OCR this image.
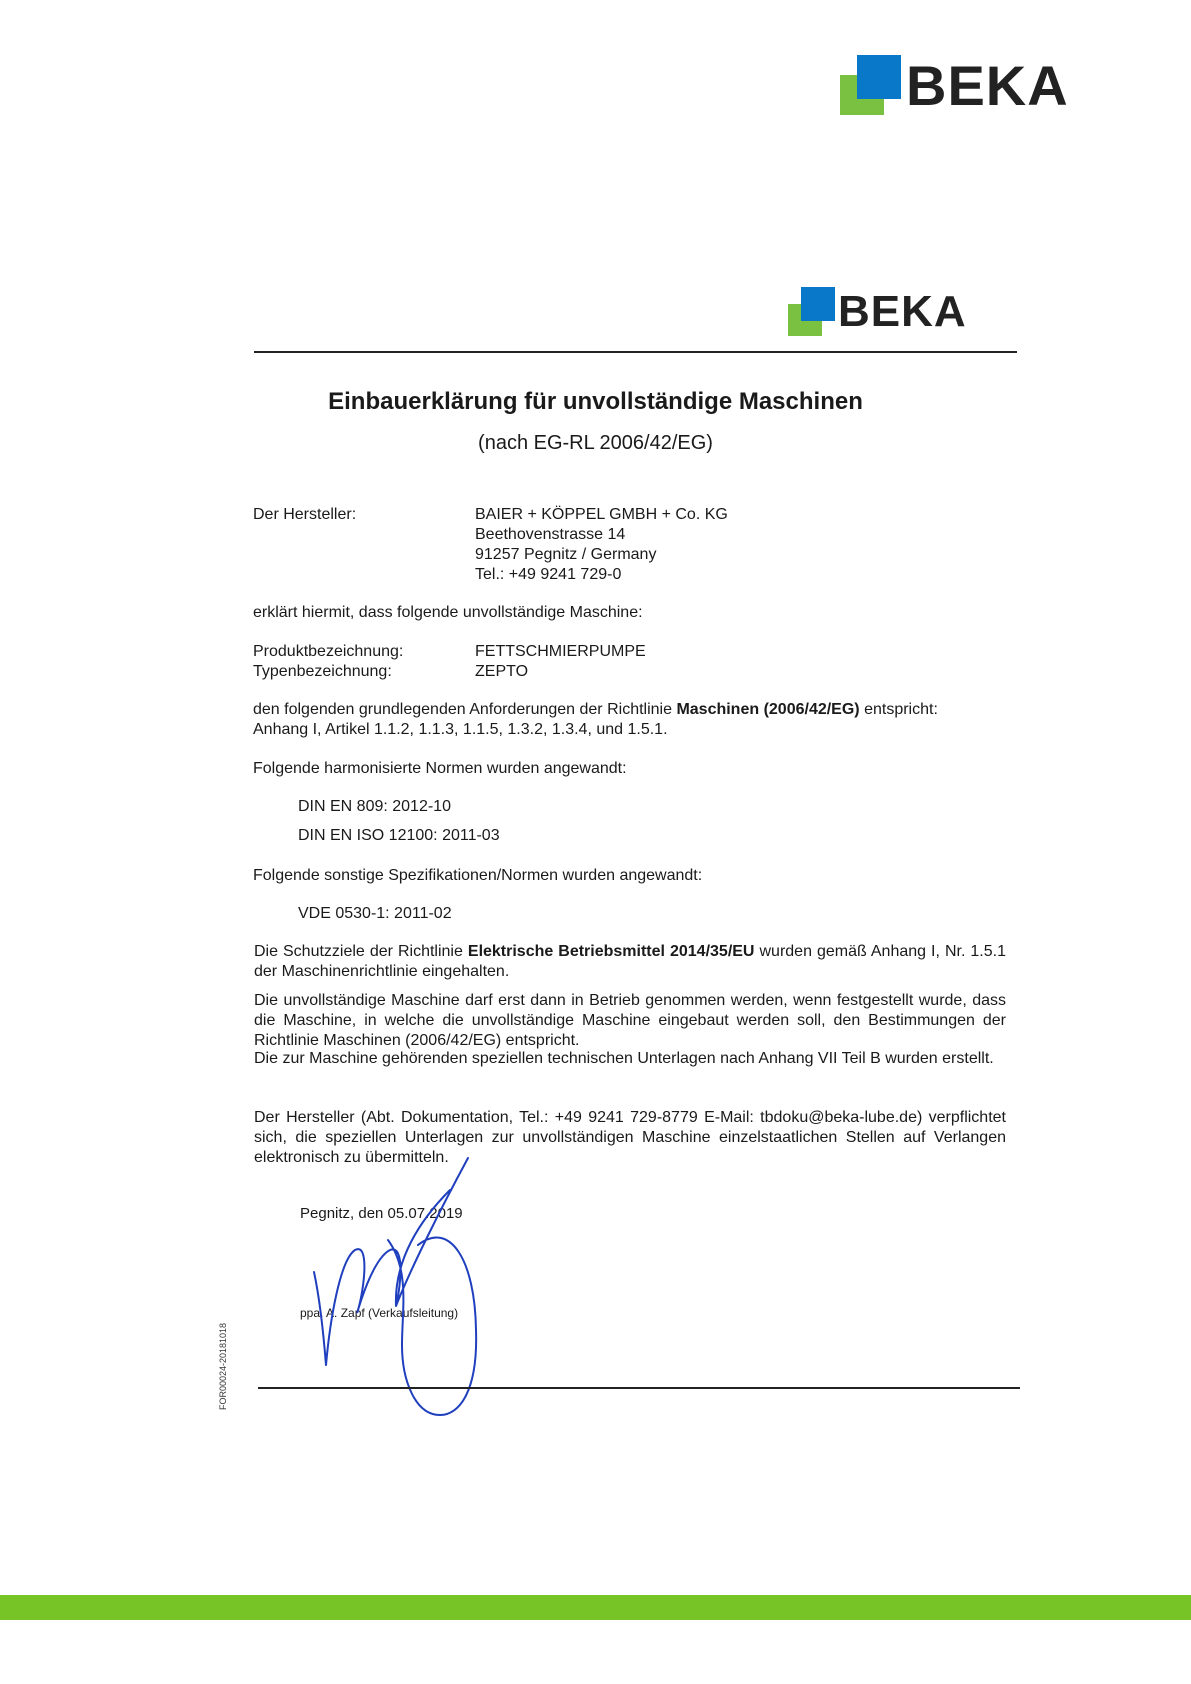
BEKA
BEKA
Einbauerklärung für unvollständige Maschinen
(nach EG-RL 2006/42/EG)
Der Hersteller:	BAIER + KÖPPEL GMBH + Co. KG
Beethovenstrasse 14
91257 Pegnitz / Germany
Tel.: +49 9241 729-0
erklärt hiermit, dass folgende unvollständige Maschine:
Produktbezeichnung:	FETTSCHMIERPUMPE
Typenbezeichnung:	ZEPTO
den folgenden grundlegenden Anforderungen der Richtlinie Maschinen (2006/42/EG) entspricht:
Anhang I, Artikel 1.1.2, 1.1.3, 1.1.5, 1.3.2, 1.3.4, und 1.5.1.
Folgende harmonisierte Normen wurden angewandt:
DIN EN 809: 2012-10
DIN EN ISO 12100: 2011-03
Folgende sonstige Spezifikationen/Normen wurden angewandt:
VDE 0530-1: 2011-02
Die Schutzziele der Richtlinie Elektrische Betriebsmittel 2014/35/EU wurden gemäß Anhang I, Nr. 1.5.1 der Maschinenrichtlinie eingehalten.
Die unvollständige Maschine darf erst dann in Betrieb genommen werden, wenn festgestellt wurde, dass die Maschine, in welche die unvollständige Maschine eingebaut werden soll, den Bestimmungen der Richtlinie Maschinen (2006/42/EG) entspricht.
Die zur Maschine gehörenden speziellen technischen Unterlagen nach Anhang VII Teil B wurden erstellt.
Der Hersteller (Abt. Dokumentation, Tel.: +49 9241 729-8779 E-Mail: tbdoku@beka-lube.de) verpflichtet sich, die speziellen Unterlagen zur unvollständigen Maschine einzelstaatlichen Stellen auf Verlangen elektronisch zu übermitteln.
Pegnitz, den 05.07.2019
ppa. A. Zapf (Verkaufsleitung)
FOR00024-20181018
